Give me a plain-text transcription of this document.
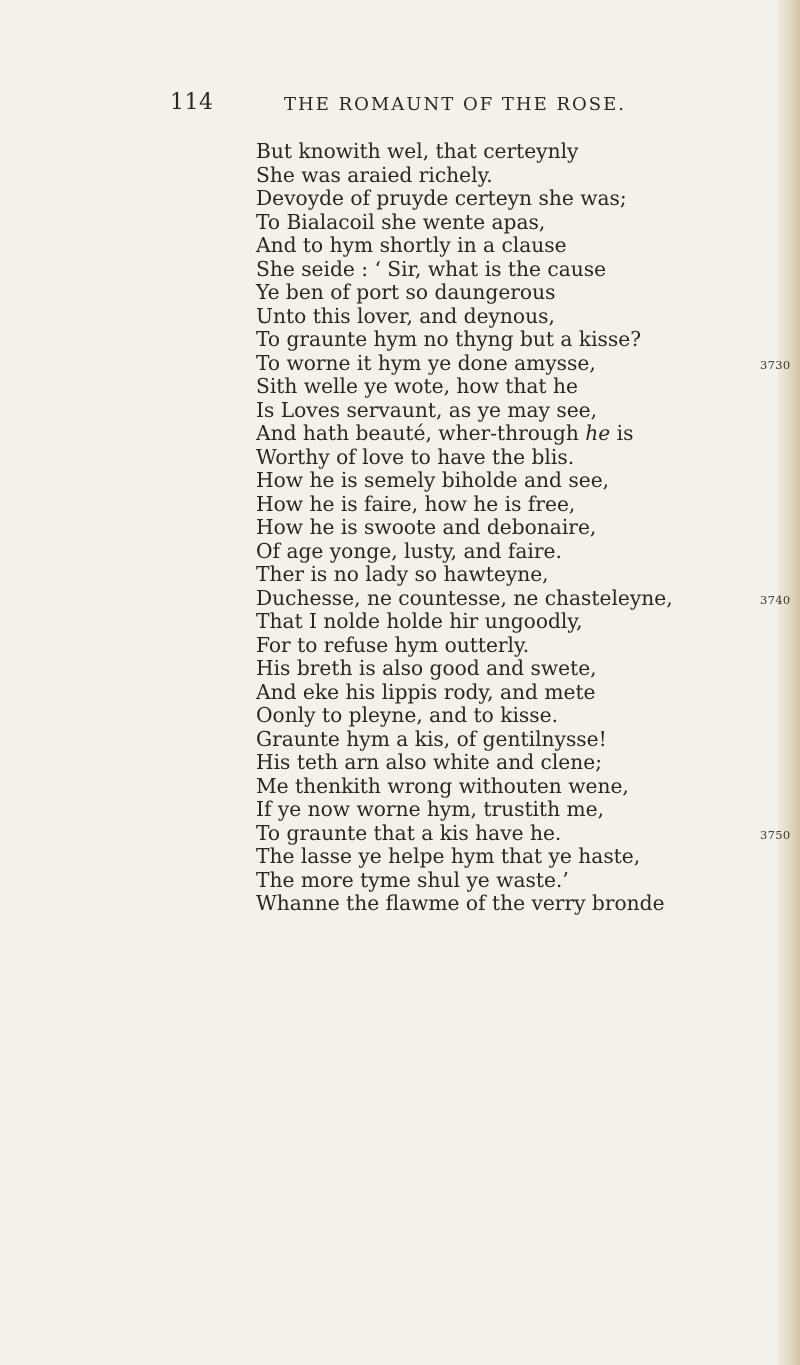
114	THE ROMAUNT OF THE ROSE.
But knowith wel, that certeynly
She was araied richely.
Devoyde of pruyde certeyn she was;
To Bialacoil she wente apas,
And to hym shortly in a clause
She seide : ‘ Sir, what is the cause
Ye ben of port so daungerous
Unto this lover, and deynous,
To graunte hym no thyng but a kisse?
To worne it hym ye done amysse,
Sith welle ye wote, how that he
Is Loves servaunt, as ye may see,
And hath beauté, wher-through he is
Worthy of love to have the blis.
How he is semely biholde and see,
How he is faire, how he is free,
How he is swoote and debonaire,
Of age yonge, lusty, and faire.
Ther is no lady so hawteyne,
Duchesse, ne countesse, ne chasteleyne,
That I nolde holde hir ungoodly,
For to refuse hym outterly.
His breth is also good and swete,
And eke his lippis rody, and mete
Oonly to pleyne, and to kisse.
Graunte hym a kis, of gentilnysse!
His teth arn also white and clene;
Me thenkith wrong withouten wene,
If ye now worne hym, trustith me,
To graunte that a kis have he.
The lasse ye helpe hym that ye haste,
The more tyme shul ye waste.’
Whanne the flawme of the verry bronde
3730
3740
3750
